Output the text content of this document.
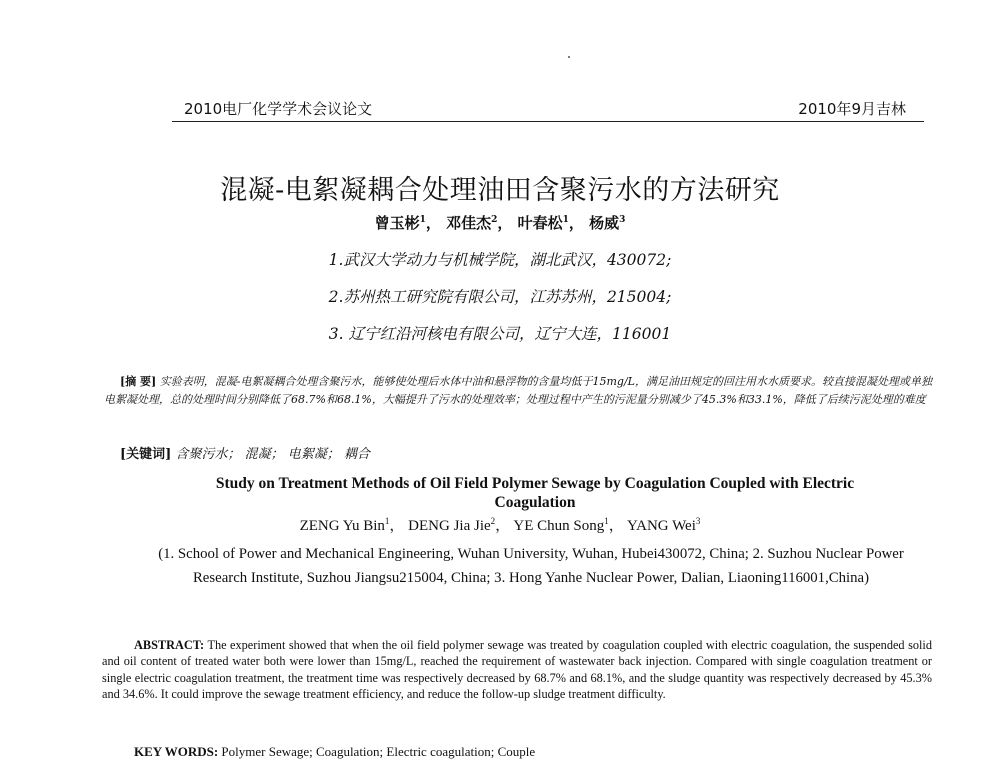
2010电厂化学学术会议论文	2010年9月吉林
混凝-电絮凝耦合处理油田含聚污水的方法研究
曾玉彬$^1$， 邓佳杰$^2$， 叶春松$^1$， 杨威$^3$
1.武汉大学动力与机械学院，湖北武汉，430072;
2.苏州热工研究院有限公司，江苏苏州，215004;
3. 辽宁红沿河核电有限公司，辽宁大连，116001
[摘 要] 实验表明，混凝-电絮凝耦合处理含聚污水，能够使处理后水体中油和悬浮物的含量均低于15mg/L，满足油田规定的回注用水水质要求。较直接混凝处理或单独电絮凝处理，总的处理时间分别降低了68.7%和68.1%，大幅提升了污水的处理效率；处理过程中产生的污泥量分别减少了45.3%和33.1%，降低了后续污泥处理的难度
[关键词] 含聚污水； 混凝； 电絮凝； 耦合
Study on Treatment Methods of Oil Field Polymer Sewage by Coagulation Coupled with Electric Coagulation
ZENG Yu Bin$^1$， DENG Jia Jie$^2$， YE Chun Song$^1$， YANG Wei$^3$
(1. School of Power and Mechanical Engineering, Wuhan University, Wuhan, Hubei430072, China; 2. Suzhou Nuclear Power Research Institute, Suzhou Jiangsu215004, China; 3. Hong Yanhe Nuclear Power, Dalian, Liaoning116001,China)
ABSTRACT: The experiment showed that when the oil field polymer sewage was treated by coagulation coupled with electric coagulation, the suspended solid and oil content of treated water both were lower than 15mg/L, reached the requirement of wastewater back injection. Compared with single coagulation treatment or single electric coagulation treatment, the treatment time was respectively decreased by 68.7% and 68.1%, and the sludge quantity was respectively decreased by 45.3% and 34.6%. It could improve the sewage treatment efficiency, and reduce the follow-up sludge treatment difficulty.
KEY WORDS: Polymer Sewage; Coagulation; Electric coagulation; Couple
